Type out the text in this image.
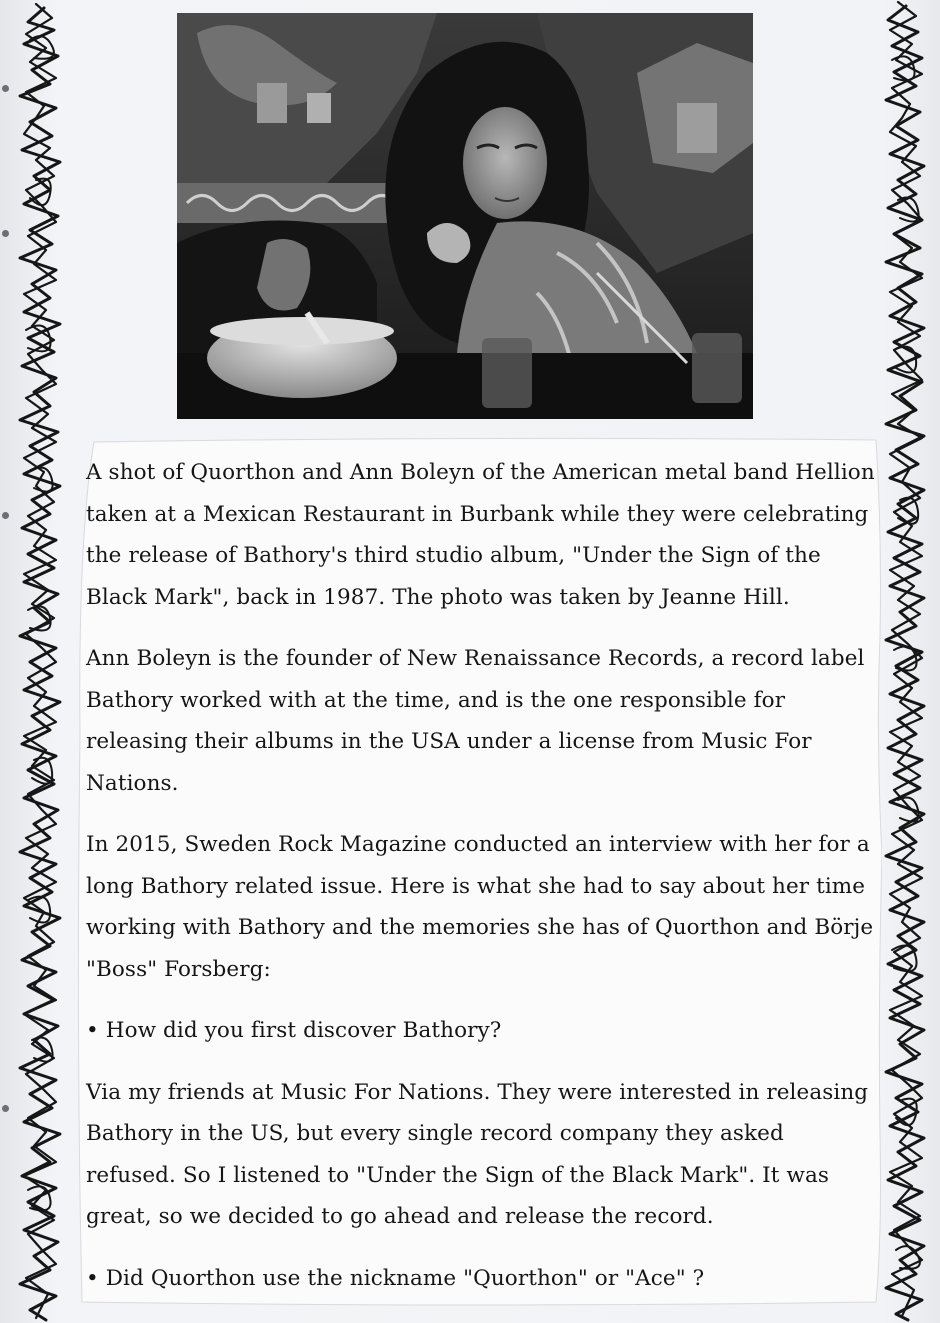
A shot of Quorthon and Ann Boleyn of the American metal band Hellion taken at a Mexican Restaurant in Burbank while they were celebrating the release of Bathory's third studio album, "Under the Sign of the Black Mark", back in 1987. The photo was taken by Jeanne Hill.

Ann Boleyn is the founder of New Renaissance Records, a record label Bathory worked with at the time, and is the one responsible for releasing their albums in the USA under a license from Music For Nations.

In 2015, Sweden Rock Magazine conducted an interview with her for a long Bathory related issue. Here is what she had to say about her time working with Bathory and the memories she has of Quorthon and Börje "Boss" Forsberg:

• How did you first discover Bathory?

Via my friends at Music For Nations. They were interested in releasing Bathory in the US, but every single record company they asked refused. So I listened to "Under the Sign of the Black Mark". It was great, so we decided to go ahead and release the record.

• Did Quorthon use the nickname "Quorthon" or "Ace" ?
